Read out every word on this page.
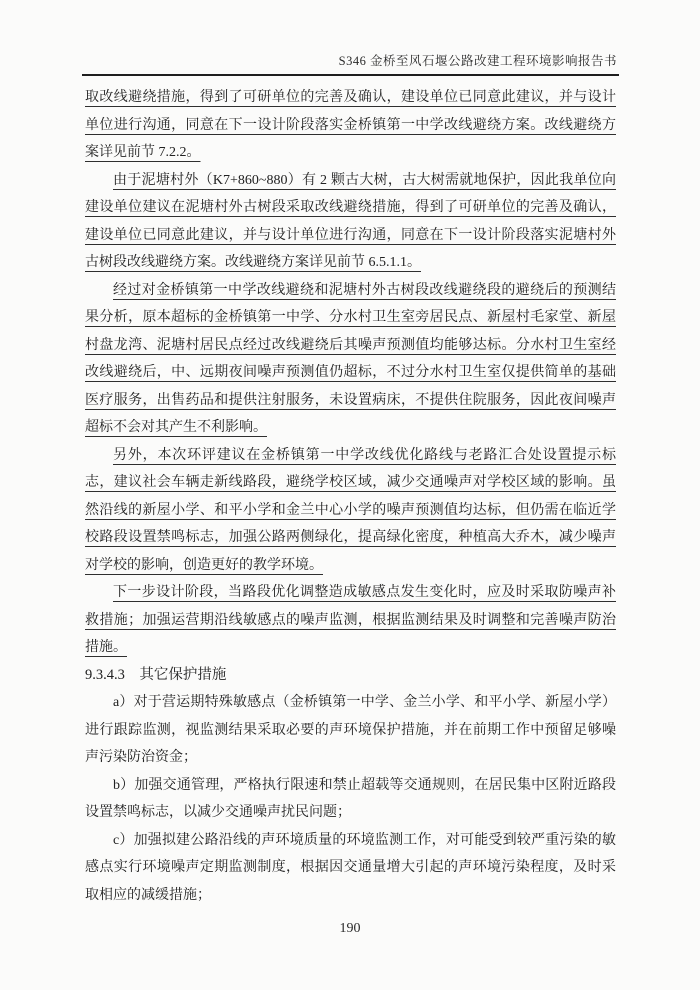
S346 金桥至风石堰公路改建工程环境影响报告书

取改线避绕措施，得到了可研单位的完善及确认，建设单位已同意此建议，并与设计单位进行沟通，同意在下一设计阶段落实金桥镇第一中学改线避绕方案。改线避绕方案详见前节 7.2.2。

由于泥塘村外（K7+860~880）有 2 颗古大树，古大树需就地保护，因此我单位向建设单位建议在泥塘村外古树段采取改线避绕措施，得到了可研单位的完善及确认，建设单位已同意此建议，并与设计单位进行沟通，同意在下一设计阶段落实泥塘村外古树段改线避绕方案。改线避绕方案详见前节 6.5.1.1。

经过对金桥镇第一中学改线避绕和泥塘村外古树段改线避绕段的避绕后的预测结果分析，原本超标的金桥镇第一中学、分水村卫生室旁居民点、新屋村毛家堂、新屋村盘龙湾、泥塘村居民点经过改线避绕后其噪声预测值均能够达标。分水村卫生室经改线避绕后，中、远期夜间噪声预测值仍超标，不过分水村卫生室仅提供简单的基础医疗服务，出售药品和提供注射服务，未设置病床，不提供住院服务，因此夜间噪声超标不会对其产生不利影响。

另外，本次环评建议在金桥镇第一中学改线优化路线与老路汇合处设置提示标志，建议社会车辆走新线路段，避绕学校区域，减少交通噪声对学校区域的影响。虽然沿线的新屋小学、和平小学和金兰中心小学的噪声预测值均达标，但仍需在临近学校路段设置禁鸣标志，加强公路两侧绿化，提高绿化密度，种植高大乔木，减少噪声对学校的影响，创造更好的教学环境。

下一步设计阶段，当路段优化调整造成敏感点发生变化时，应及时采取防噪声补救措施；加强运营期沿线敏感点的噪声监测，根据监测结果及时调整和完善噪声防治措施。

9.3.4.3　其它保护措施

a）对于营运期特殊敏感点（金桥镇第一中学、金兰小学、和平小学、新屋小学）进行跟踪监测，视监测结果采取必要的声环境保护措施，并在前期工作中预留足够噪声污染防治资金；

b）加强交通管理，严格执行限速和禁止超载等交通规则，在居民集中区附近路段设置禁鸣标志，以减少交通噪声扰民问题；

c）加强拟建公路沿线的声环境质量的环境监测工作，对可能受到较严重污染的敏感点实行环境噪声定期监测制度，根据因交通量增大引起的声环境污染程度，及时采取相应的减缓措施；

190
